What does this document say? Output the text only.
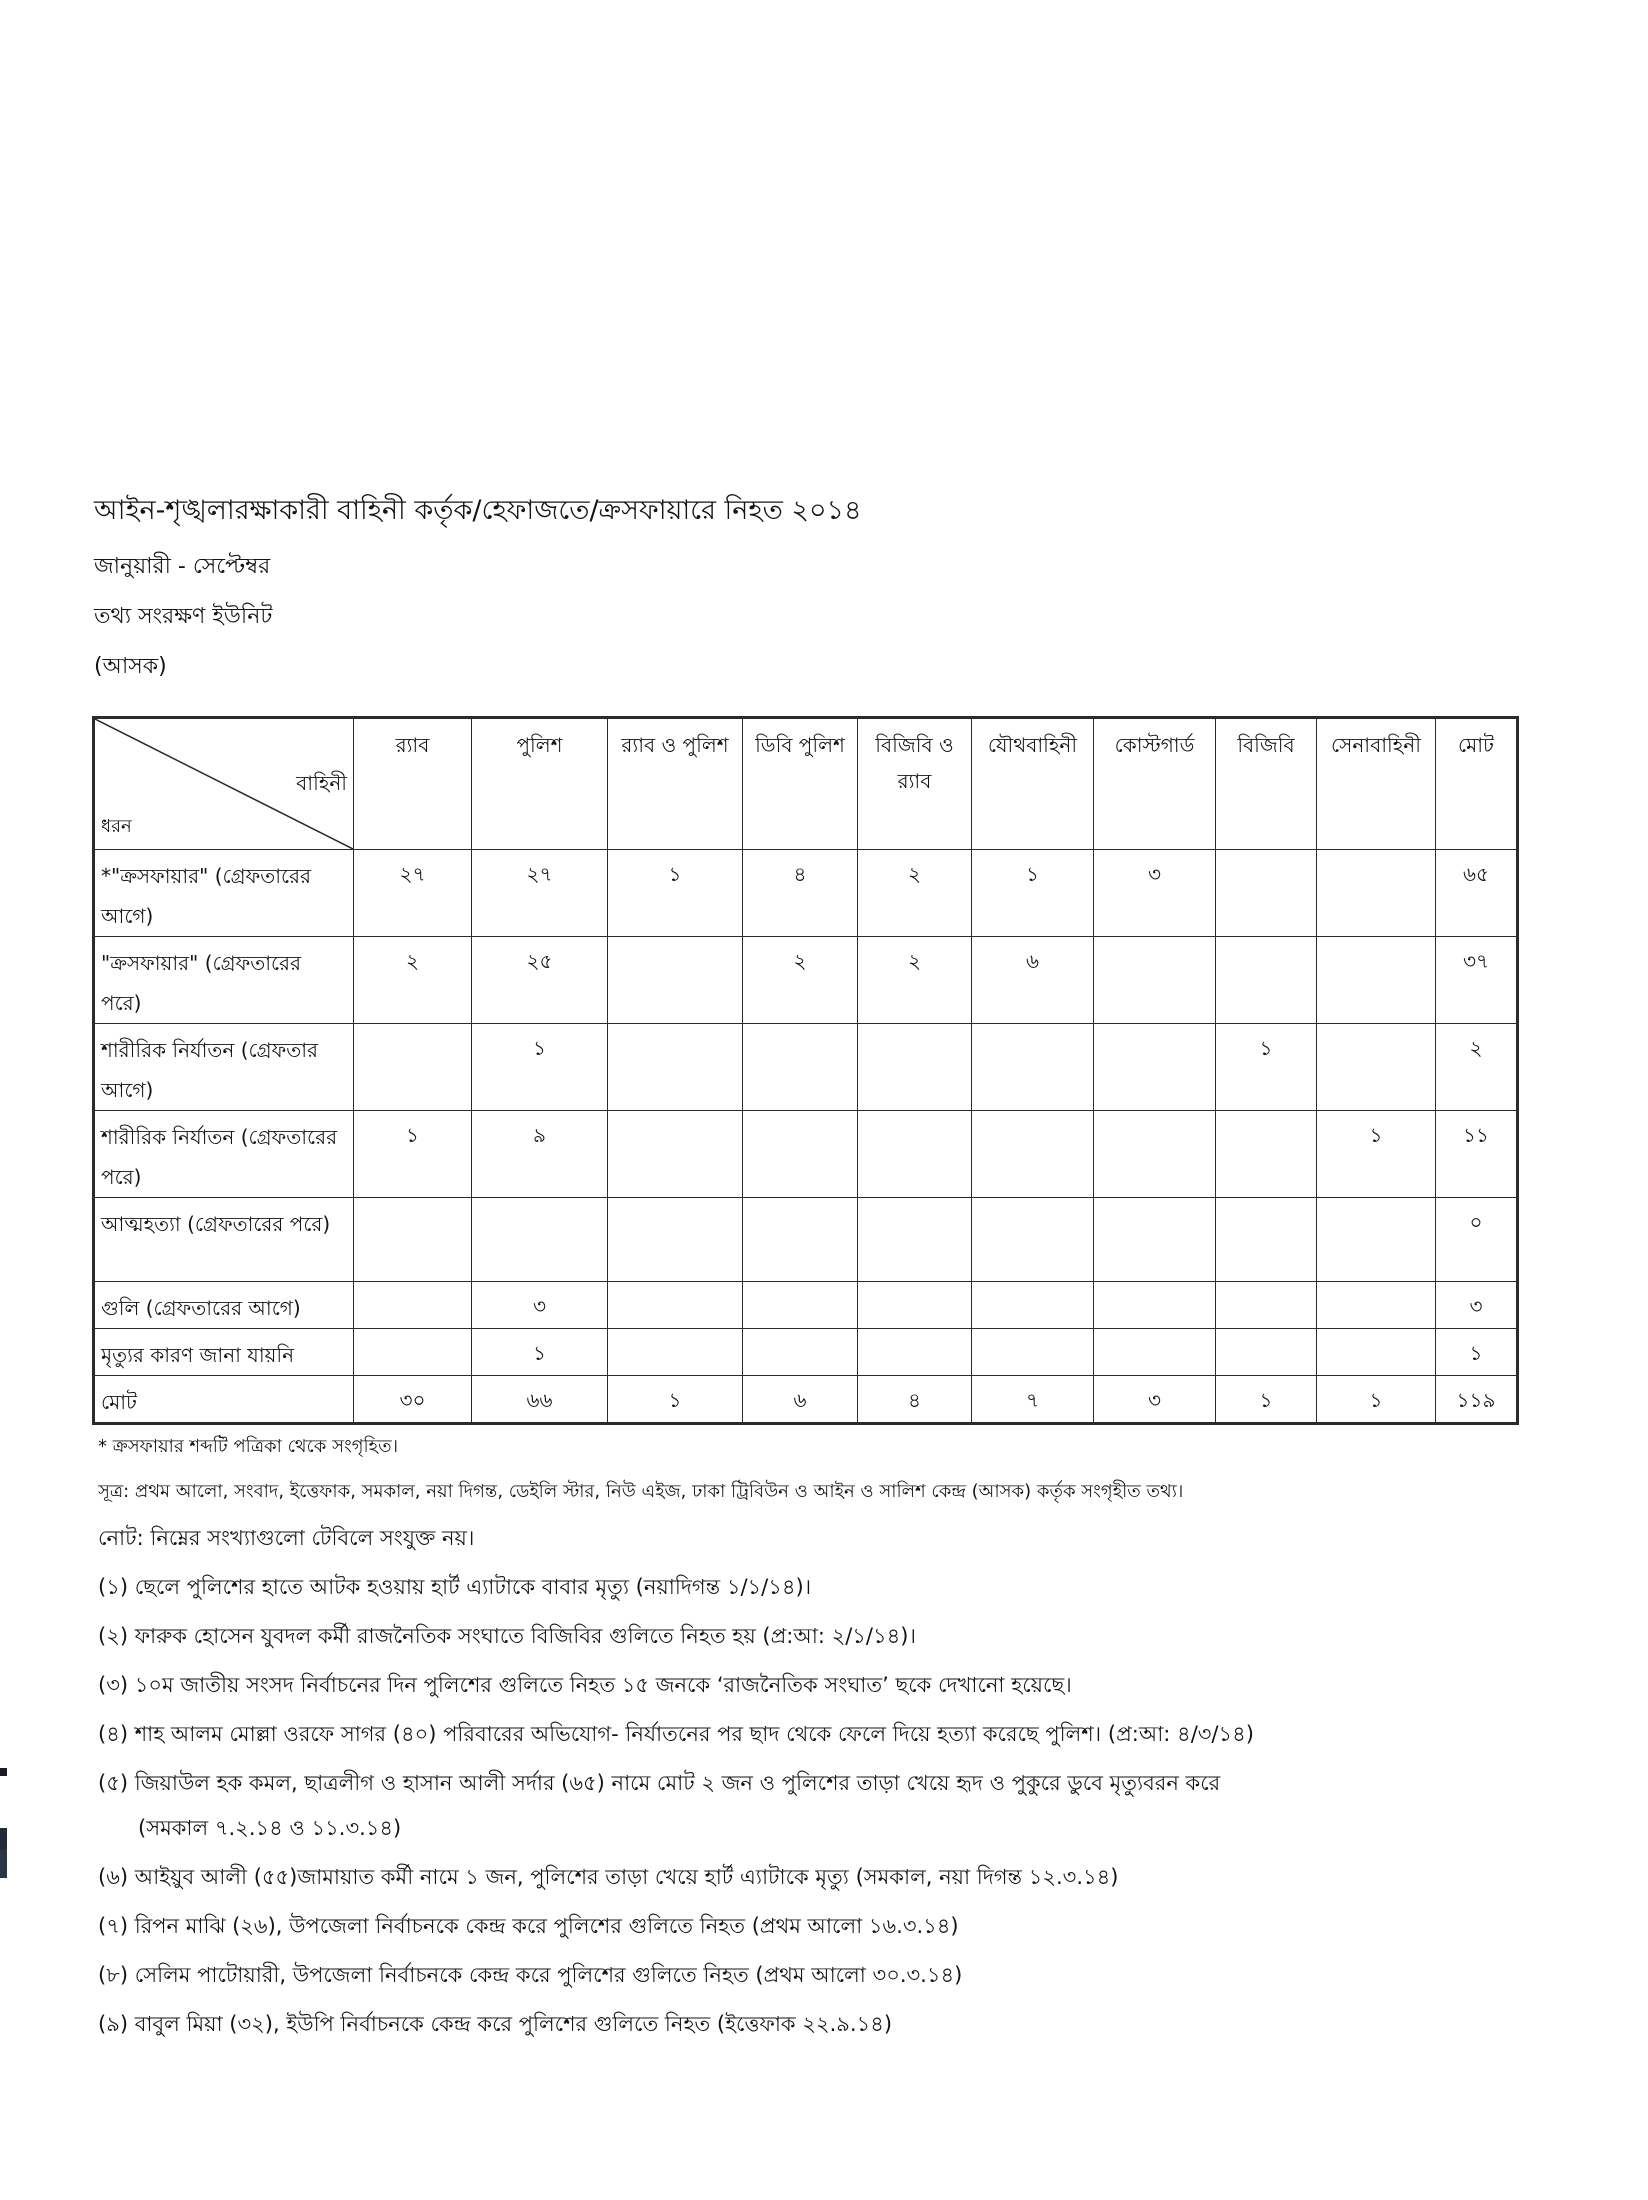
আইন-শৃঙ্খলারক্ষাকারী বাহিনী কর্তৃক/হেফাজতে/ক্রসফায়ারে নিহত ২০১৪
জানুয়ারী - সেপ্টেম্বর
তথ্য সংরক্ষণ ইউনিট
(আসক)
বাহিনী
ধরন	র‍্যাব	পুলিশ	র‍্যাব ও পুলিশ	ডিবি পুলিশ	বিজিবি ও র‍্যাব	যৌথবাহিনী	কোস্টগার্ড	বিজিবি	সেনাবাহিনী	মোট
*"ক্রসফায়ার" (গ্রেফতারের আগে)	২৭	২৭	১	৪	২	১	৩			৬৫
"ক্রসফায়ার" (গ্রেফতারের পরে)	২	২৫		২	২	৬				৩৭
শারীরিক নির্যাতন (গ্রেফতার আগে)		১						১		২
শারীরিক নির্যাতন (গ্রেফতারের পরে)	১	৯							১	১১
আত্মহত্যা (গ্রেফতারের পরে)										০
গুলি (গ্রেফতারের আগে)		৩								৩
মৃত্যুর কারণ জানা যায়নি		১								১
মোট	৩০	৬৬	১	৬	৪	৭	৩	১	১	১১৯
* ক্রসফায়ার শব্দটি পত্রিকা থেকে সংগৃহিত।
সূত্র: প্রথম আলো, সংবাদ, ইত্তেফাক, সমকাল, নয়া দিগন্ত, ডেইলি স্টার, নিউ এইজ, ঢাকা ট্রিবিউন ও আইন ও সালিশ কেন্দ্র (আসক) কর্তৃক সংগৃহীত তথ্য।
নোট: নিম্নের সংখ্যাগুলো টেবিলে সংযুক্ত নয়।
(১) ছেলে পুলিশের হাতে আটক হওয়ায় হার্ট এ্যাটাকে বাবার মৃত্যু (নয়াদিগন্ত ১/১/১৪)।
(২) ফারুক হোসেন যুবদল কর্মী রাজনৈতিক সংঘাতে বিজিবির গুলিতে নিহত হয় (প্র:আ: ২/১/১৪)।
(৩) ১০ম জাতীয় সংসদ নির্বাচনের দিন পুলিশের গুলিতে নিহত ১৫ জনকে ‘রাজনৈতিক সংঘাত’ ছকে দেখানো হয়েছে।
(৪) শাহ আলম মোল্লা ওরফে সাগর (৪০) পরিবারের অভিযোগ- নির্যাতনের পর ছাদ থেকে ফেলে দিয়ে হত্যা করেছে পুলিশ। (প্র:আ: ৪/৩/১৪)
(৫) জিয়াউল হক কমল, ছাত্রলীগ ও হাসান আলী সর্দার (৬৫) নামে মোট ২ জন ও পুলিশের তাড়া খেয়ে হৃদ ও পুকুরে ডুবে মৃত্যুবরন করে
(সমকাল ৭.২.১৪ ও ১১.৩.১৪)
(৬) আইয়ুব আলী (৫৫)জামায়াত কর্মী নামে ১ জন, পুলিশের তাড়া খেয়ে হার্ট এ্যাটাকে মৃত্যু (সমকাল, নয়া দিগন্ত ১২.৩.১৪)
(৭) রিপন মাঝি (২৬), উপজেলা নির্বাচনকে কেন্দ্র করে পুলিশের গুলিতে নিহত (প্রথম আলো ১৬.৩.১৪)
(৮) সেলিম পাটোয়ারী, উপজেলা নির্বাচনকে কেন্দ্র করে পুলিশের গুলিতে নিহত (প্রথম আলো ৩০.৩.১৪)
(৯) বাবুল মিয়া (৩২), ইউপি নির্বাচনকে কেন্দ্র করে পুলিশের গুলিতে নিহত (ইত্তেফাক ২২.৯.১৪)
